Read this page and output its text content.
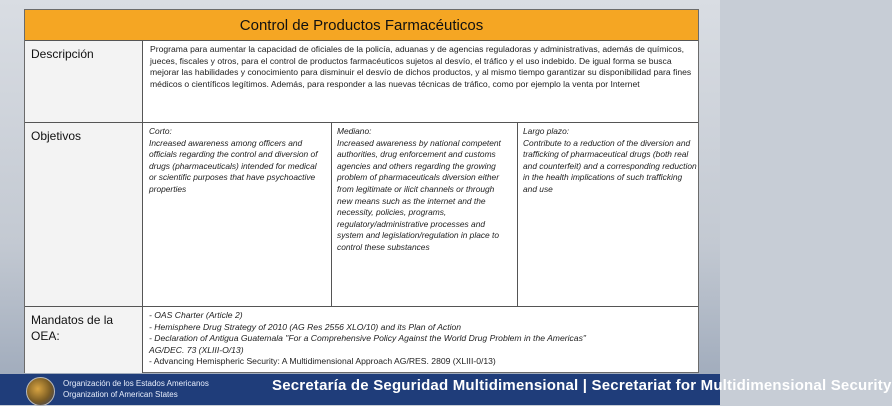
Control de Productos Farmacéuticos
Descripción	Programa para aumentar la capacidad de oficiales de la policía, aduanas y de agencias reguladoras y administrativas, además de químicos, jueces, fiscales y otros, para el control de productos farmacéuticos sujetos al desvío, el tráfico y el uso indebido. De igual forma se busca mejorar las habilidades y conocimiento para disminuir el desvío de dichos productos, y al mismo tiempo garantizar su disponibilidad para fines médicos o científicos legítimos. Además, para responder a las nuevas técnicas de tráfico, como por ejemplo la venta por Internet
Objetivos	Corto:
Increased awareness among officers and officials regarding the control and diversion of drugs (pharmaceuticals) intended for medical or scientific purposes that have psychoactive properties
Mediano:
Increased awareness by national competent authorities, drug enforcement and customs agencies and others regarding the growing problem of pharmaceuticals diversion either from legitimate or ilicit channels or through new means such as the internet and the necessity, policies, programs, regulatory/administrative processes and system and legislation/regulation in place to control these substances
Largo plazo:
Contribute to a reduction of the diversion and trafficking of pharmaceutical drugs (both real and counterfeit) and a corresponding reduction in the health implications of such trafficking and use
Mandatos de la OEA:
- OAS Charter (Article 2)
- Hemisphere Drug Strategy of 2010 (AG Res 2556 XLO/10) and its Plan of Action
- Declaration of Antigua Guatemala "For a Comprehensive Policy Against the World Drug Problem in the Americas"
AG/DEC. 73 (XLIII-O/13)
- Advancing Hemispheric Security: A Multidimensional Approach AG/RES. 2809 (XLIII-0/13)
Organización de los Estados Americanos
Organization of American States
Secretaría de Seguridad Multidimensional | Secretariat for Multidimensional Security
